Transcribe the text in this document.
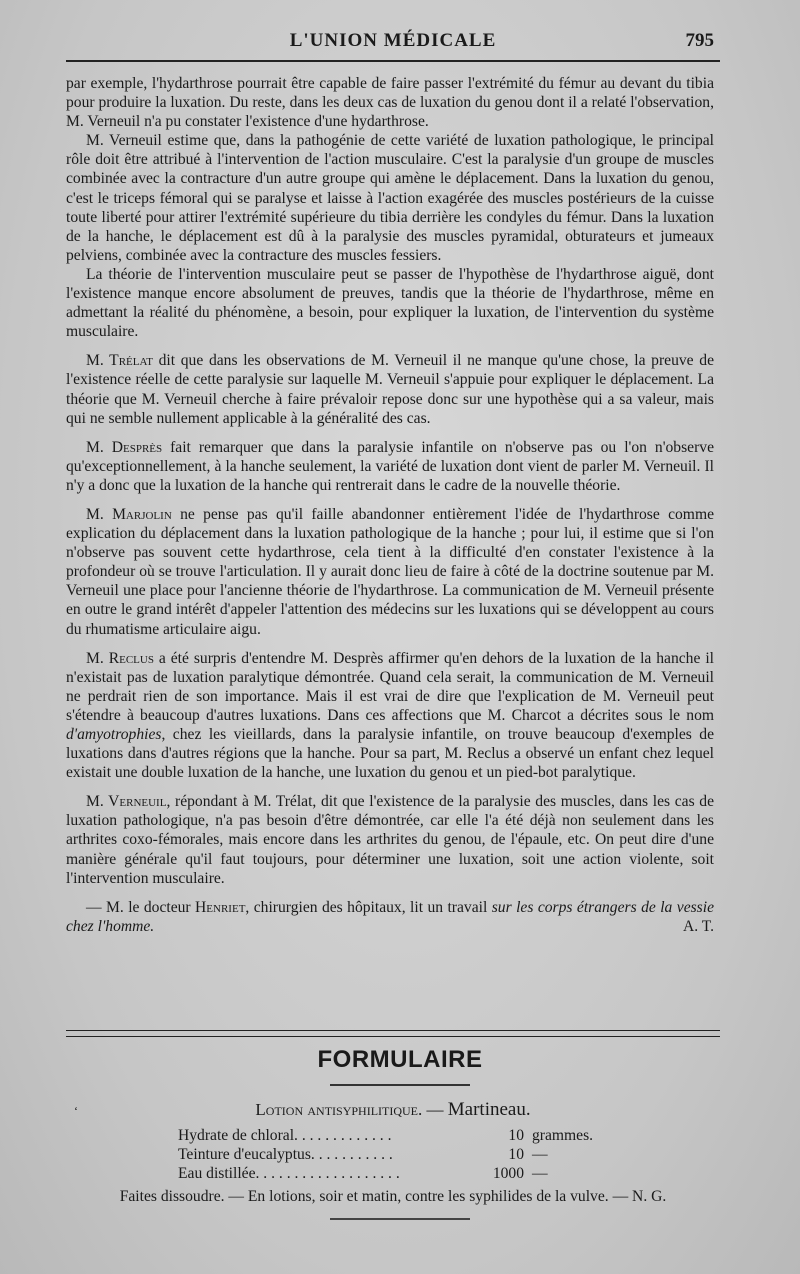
L'UNION MÉDICALE	795

par exemple, l'hydarthrose pourrait être capable de faire passer l'extrémité du fémur au devant du tibia pour produire la luxation. Du reste, dans les deux cas de luxation du genou dont il a relaté l'observation, M. Verneuil n'a pu constater l'existence d'une hydarthrose.

M. Verneuil estime que, dans la pathogénie de cette variété de luxation pathologique, le principal rôle doit être attribué à l'intervention de l'action musculaire. C'est la paralysie d'un groupe de muscles combinée avec la contracture d'un autre groupe qui amène le déplacement. Dans la luxation du genou, c'est le triceps fémoral qui se paralyse et laisse à l'action exagérée des muscles postérieurs de la cuisse toute liberté pour attirer l'extrémité supérieure du tibia derrière les condyles du fémur. Dans la luxation de la hanche, le déplacement est dû à la paralysie des muscles pyramidal, obturateurs et jumeaux pelviens, combinée avec la contracture des muscles fessiers.

La théorie de l'intervention musculaire peut se passer de l'hypothèse de l'hydarthrose aiguë, dont l'existence manque encore absolument de preuves, tandis que la théorie de l'hydarthrose, même en admettant la réalité du phénomène, a besoin, pour expliquer la luxation, de l'intervention du système musculaire.

M. Trélat dit que dans les observations de M. Verneuil il ne manque qu'une chose, la preuve de l'existence réelle de cette paralysie sur laquelle M. Verneuil s'appuie pour expliquer le déplacement. La théorie que M. Verneuil cherche à faire prévaloir repose donc sur une hypothèse qui a sa valeur, mais qui ne semble nullement applicable à la généralité des cas.

M. Desprès fait remarquer que dans la paralysie infantile on n'observe pas ou l'on n'observe qu'exceptionnellement, à la hanche seulement, la variété de luxation dont vient de parler M. Verneuil. Il n'y a donc que la luxation de la hanche qui rentrerait dans le cadre de la nouvelle théorie.

M. Marjolin ne pense pas qu'il faille abandonner entièrement l'idée de l'hydarthrose comme explication du déplacement dans la luxation pathologique de la hanche ; pour lui, il estime que si l'on n'observe pas souvent cette hydarthrose, cela tient à la difficulté d'en constater l'existence à la profondeur où se trouve l'articulation. Il y aurait donc lieu de faire à côté de la doctrine soutenue par M. Verneuil une place pour l'ancienne théorie de l'hydarthrose. La communication de M. Verneuil présente en outre le grand intérêt d'appeler l'attention des médecins sur les luxations qui se développent au cours du rhumatisme articulaire aigu.

M. Reclus a été surpris d'entendre M. Desprès affirmer qu'en dehors de la luxation de la hanche il n'existait pas de luxation paralytique démontrée. Quand cela serait, la communication de M. Verneuil ne perdrait rien de son importance. Mais il est vrai de dire que l'explication de M. Verneuil peut s'étendre à beaucoup d'autres luxations. Dans ces affections que M. Charcot a décrites sous le nom d'amyotrophies, chez les vieillards, dans la paralysie infantile, on trouve beaucoup d'exemples de luxations dans d'autres régions que la hanche. Pour sa part, M. Reclus a observé un enfant chez lequel existait une double luxation de la hanche, une luxation du genou et un pied-bot paralytique.

M. Verneuil, répondant à M. Trélat, dit que l'existence de la paralysie des muscles, dans les cas de luxation pathologique, n'a pas besoin d'être démontrée, car elle l'a été déjà non seulement dans les arthrites coxo-fémorales, mais encore dans les arthrites du genou, de l'épaule, etc. On peut dire d'une manière générale qu'il faut toujours, pour déterminer une luxation, soit une action violente, soit l'intervention musculaire.

— M. le docteur Henriet, chirurgien des hôpitaux, lit un travail sur les corps étrangers de la vessie chez l'homme.	A. T.

FORMULAIRE
‘	Lotion antisyphilitique. — Martineau.
Hydrate de chloral. . . . . . . . . . . . .	10 grammes.
Teinture d'eucalyptus. . . . . . . . . . .	10 —
Eau distillée. . . . . . . . . . . . . . . . . . .	1000 —
Faites dissoudre. — En lotions, soir et matin, contre les syphilides de la vulve. — N. G.
